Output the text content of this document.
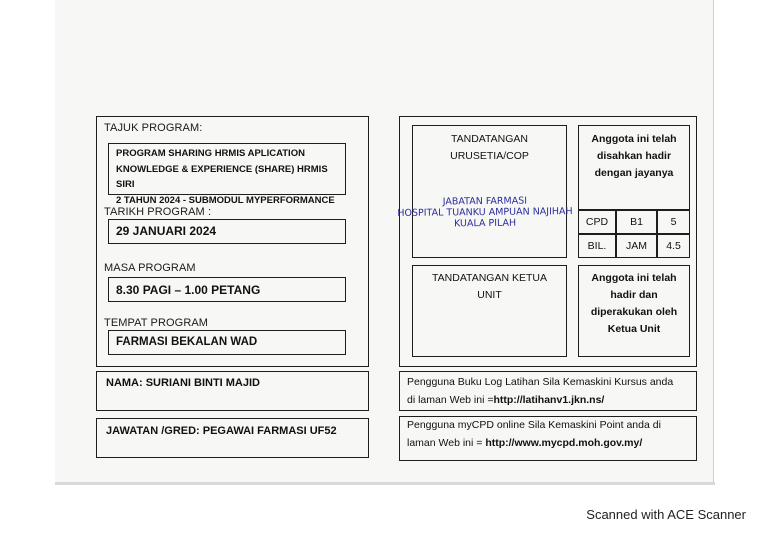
TAJUK PROGRAM:
PROGRAM SHARING HRMIS APLICATION
KNOWLEDGE & EXPERIENCE (SHARE) HRMIS SIRI
2 TAHUN 2024 - SUBMODUL MYPERFORMANCE
TARIKH PROGRAM :
29 JANUARI 2024
MASA PROGRAM
8.30 PAGI – 1.00 PETANG
TEMPAT PROGRAM
FARMASI BEKALAN WAD
NAMA: SURIANI BINTI MAJID
JAWATAN /GRED: PEGAWAI FARMASI UF52
TANDATANGAN
URUSETIA/COP
JABATAN FARMASI
HOSPITAL TUANKU AMPUAN NAJIHAH
KUALA PILAH
Anggota ini telah
disahkan hadir
dengan jayanya
CPD	B1	5
BIL.	JAM	4.5
TANDATANGAN KETUA
UNIT
Anggota ini telah
hadir dan
diperakukan oleh
Ketua Unit
Pengguna Buku Log Latihan Sila Kemaskini Kursus anda
di laman Web ini =http://latihanv1.jkn.ns/
Pengguna myCPD online Sila Kemaskini Point anda di
laman Web ini = http://www.mycpd.moh.gov.my/
Scanned with ACE Scanner
